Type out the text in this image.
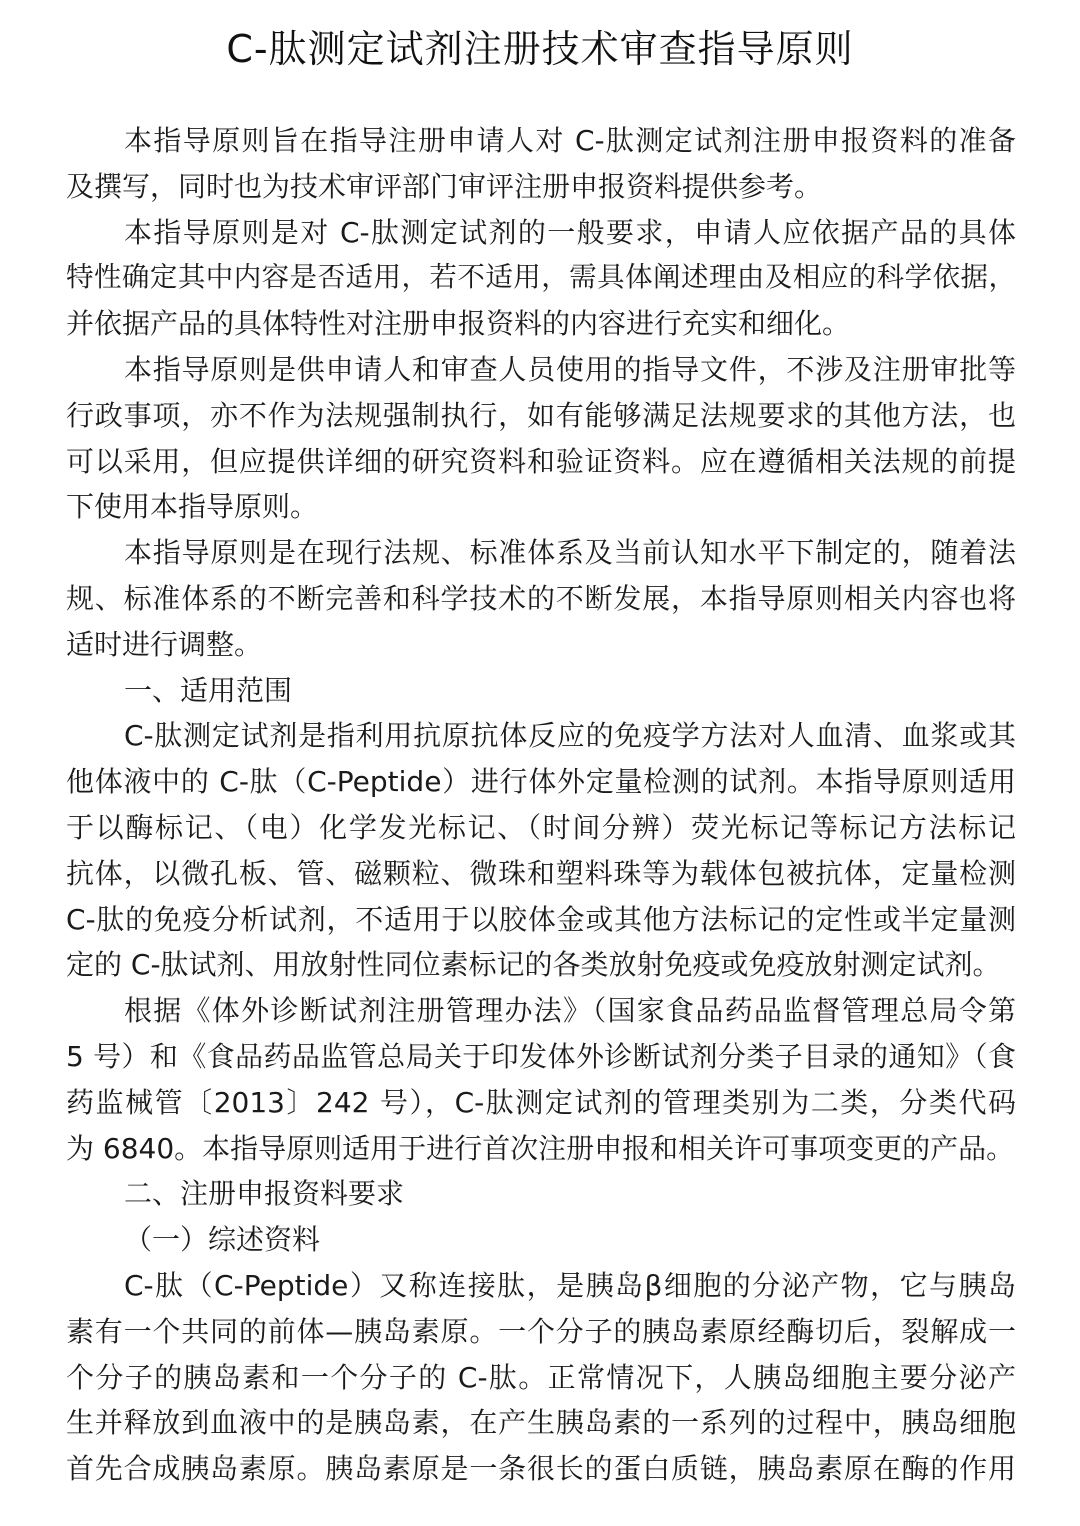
C-肽测定试剂注册技术审查指导原则
本指导原则旨在指导注册申请人对 C-肽测定试剂注册申报资料的准备
及撰写，同时也为技术审评部门审评注册申报资料提供参考。
本指导原则是对 C-肽测定试剂的一般要求，申请人应依据产品的具体
特性确定其中内容是否适用，若不适用，需具体阐述理由及相应的科学依据，
并依据产品的具体特性对注册申报资料的内容进行充实和细化。
本指导原则是供申请人和审查人员使用的指导文件，不涉及注册审批等
行政事项，亦不作为法规强制执行，如有能够满足法规要求的其他方法，也
可以采用，但应提供详细的研究资料和验证资料。应在遵循相关法规的前提
下使用本指导原则。
本指导原则是在现行法规、标准体系及当前认知水平下制定的，随着法
规、标准体系的不断完善和科学技术的不断发展，本指导原则相关内容也将
适时进行调整。
一、适用范围
C-肽测定试剂是指利用抗原抗体反应的免疫学方法对人血清、血浆或其
他体液中的 C-肽（C-Peptide）进行体外定量检测的试剂。本指导原则适用
于以酶标记、（电）化学发光标记、（时间分辨）荧光标记等标记方法标记
抗体，以微孔板、管、磁颗粒、微珠和塑料珠等为载体包被抗体，定量检测
C-肽的免疫分析试剂，不适用于以胶体金或其他方法标记的定性或半定量测
定的 C-肽试剂、用放射性同位素标记的各类放射免疫或免疫放射测定试剂。
根据《体外诊断试剂注册管理办法》（国家食品药品监督管理总局令第
5 号）和《食品药品监管总局关于印发体外诊断试剂分类子目录的通知》（食
药监械管〔2013〕242 号），C-肽测定试剂的管理类别为二类，分类代码
为 6840。本指导原则适用于进行首次注册申报和相关许可事项变更的产品。
二、注册申报资料要求
（一）综述资料
C-肽（C-Peptide）又称连接肽，是胰岛β细胞的分泌产物，它与胰岛
素有一个共同的前体—胰岛素原。一个分子的胰岛素原经酶切后，裂解成一
个分子的胰岛素和一个分子的 C-肽。正常情况下，人胰岛细胞主要分泌产
生并释放到血液中的是胰岛素，在产生胰岛素的一系列的过程中，胰岛细胞
首先合成胰岛素原。胰岛素原是一条很长的蛋白质链，胰岛素原在酶的作用
